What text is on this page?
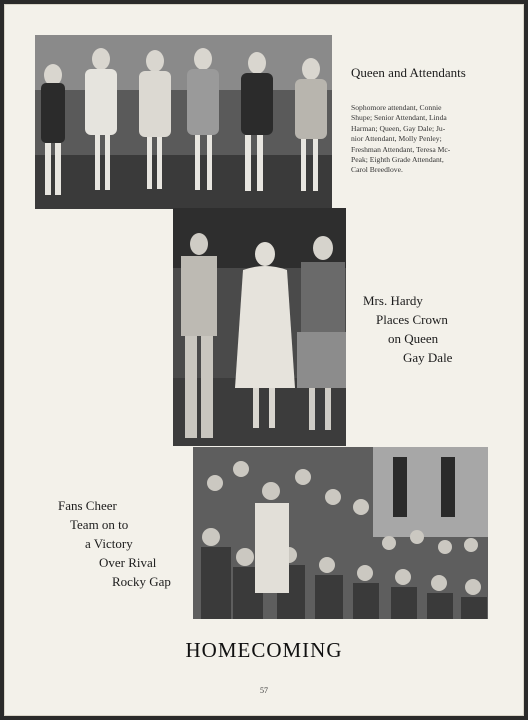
Queen and Attendants
Sophomore attendant, Connie
Shupe; Senior Attendant, Linda
Harman; Queen, Gay Dale; Ju-
nior Attendant, Molly Penley;
Freshman Attendant, Teresa Mc-
Peak; Eighth Grade Attendant,
Carol Breedlove.
Mrs. Hardy
Places Crown
on Queen
Gay Dale
Fans Cheer
Team on to
a Victory
Over Rival
Rocky Gap
HOMECOMING
57
